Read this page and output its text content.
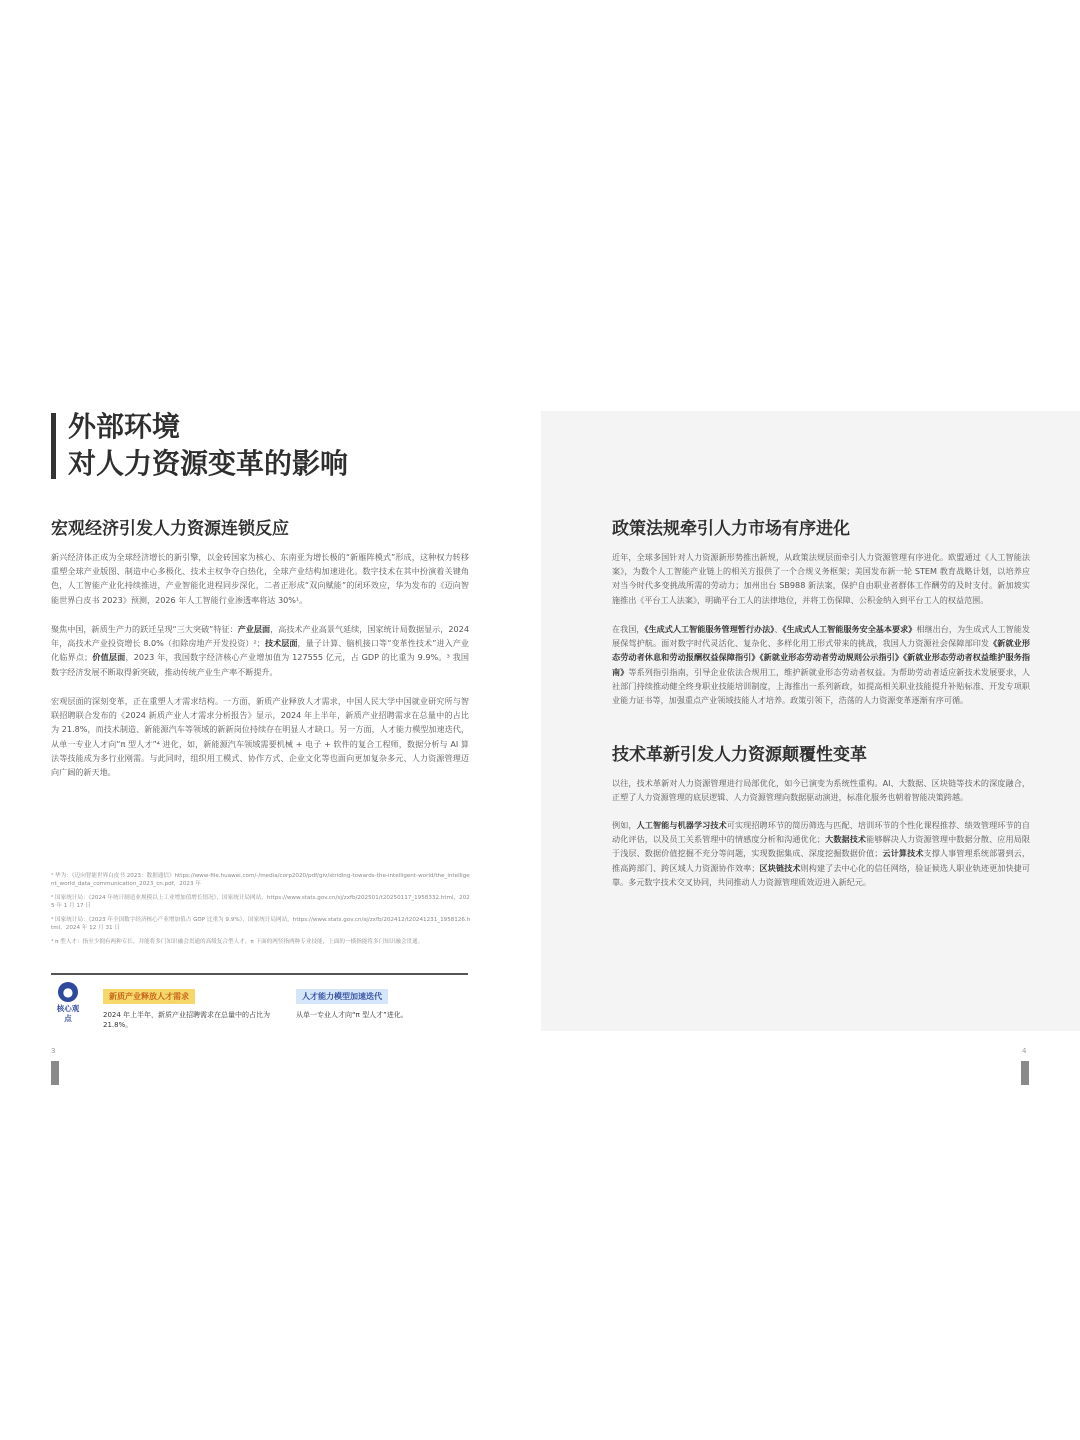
外部环境
对人力资源变革的影响
宏观经济引发人力资源连锁反应

新兴经济体正成为全球经济增长的新引擎，以金砖国家为核心、东南亚为增长极的“新雁阵模式”形成，这种权力转移重塑全球产业版图、制造中心多极化、技术主权争夺白热化，全球产业结构加速进化。数字技术在其中扮演着关键角色，人工智能产业化持续推进，产业智能化进程同步深化，二者正形成“双向赋能”的闭环效应，华为发布的《迈向智能世界白皮书 2023》预测，2026 年人工智能行业渗透率将达 30%¹。

聚焦中国，新质生产力的跃迁呈现“三大突破”特征：产业层面，高技术产业高景气延续，国家统计局数据显示，2024 年，高技术产业投资增长 8.0%（扣除房地产开发投资）²；技术层面，量子计算、脑机接口等“变革性技术”进入产业化临界点；价值层面，2023 年，我国数字经济核心产业增加值为 127555 亿元，占 GDP 的比重为 9.9%。³ 我国数字经济发展不断取得新突破，推动传统产业生产率不断提升。

宏观层面的深刻变革，正在重塑人才需求结构。一方面，新质产业释放人才需求，中国人民大学中国就业研究所与智联招聘联合发布的《2024 新质产业人才需求分析报告》显示，2024 年上半年，新质产业招聘需求在总量中的占比为 21.8%，而技术制造、新能源汽车等领域的新新岗位持续存在明显人才缺口。另一方面，人才能力模型加速迭代，从单一专业人才向“π 型人才”⁴ 进化，如，新能源汽车领域需要机械 + 电子 + 软件的复合工程师，数据分析与 AI 算法等技能成为多行业刚需。与此同时，组织用工模式、协作方式、企业文化等也面向更加复杂多元、人力资源管理迈向广阔的新天地。

¹ 华为：《迈向智能世界白皮书 2023：数据通信》https://www-file.huawei.com/-/media/corp2020/pdf/giv/striding-towards-the-intelligent-world/the_intelligent_world_data_communication_2023_cn.pdf，2023 年

² 国家统计局：《2024 年统计制造业规模以上工业增加值增长情况》，国家统计局网站，https://www.stats.gov.cn/sj/zxfb/202501/t20250117_1958332.html，2025 年 1 月 17 日

³ 国家统计局：《2023 年全国数字经济核心产业增加值占 GDP 比重为 9.9%》，国家统计局网站，https://www.stats.gov.cn/sj/zxfb/202412/t20241231_1958126.html，2024 年 12 月 31 日

⁴ π 型人才：指至少拥有两种专长，并能将多门知识融会贯通的高级复合型人才。π 下面的两竖指两种专业技能，上面的一横指能将多门知识融会贯通。

●
核心观点
新质产业释放人才需求
2024 年上半年，新质产业招聘需求在总量中的占比为 21.8%。
人才能力模型加速迭代
从单一专业人才向“π 型人才”进化。
3
政策法规牵引人力市场有序进化

近年，全球多国针对人力资源新形势推出新规，从政策法规层面牵引人力资源管理有序进化。欧盟通过《人工智能法案》，为数个人工智能产业链上的相关方报供了一个合规义务框架；美国发布新一轮 STEM 教育战略计划，以培养应对当今时代多变挑战所需的劳动力；加州出台 SB988 新法案，保护自由职业者群体工作酬劳的及时支付。新加坡实施推出《平台工人法案》，明确平台工人的法律地位，并将工伤保障、公积金纳入到平台工人的权益范围。

在我国，《生成式人工智能服务管理暂行办法》、《生成式人工智能服务安全基本要求》相继出台，为生成式人工智能发展保驾护航。面对数字时代灵活化、复杂化、多样化用工形式带来的挑战，我国人力资源社会保障部印发《新就业形态劳动者休息和劳动报酬权益保障指引》《新就业形态劳动者劳动规则公示指引》《新就业形态劳动者权益维护服务指南》等系列指引指南，引导企业依法合规用工，维护新就业形态劳动者权益。为帮助劳动者适应新技术发展要求，人社部门持续推动健全终身职业技能培训制度，上海推出一系列新政，如提高相关职业技能提升补贴标准、开发专项职业能力证书等，加强重点产业领域技能人才培养。政策引领下，浩荡的人力资源变革逐渐有序可循。

技术革新引发人力资源颠覆性变革

以往，技术革新对人力资源管理进行局部优化，如今已演变为系统性重构。AI、大数据、区块链等技术的深度融合，正塑了人力资源管理的底层逻辑、人力资源管理向数据驱动演进，标准化服务也朝着智能决策跨越。

例如，人工智能与机器学习技术可实现招聘环节的简历筛选与匹配、培训环节的个性化课程推荐、绩效管理环节的自动化评估，以及员工关系管理中的情感度分析和沟通优化；大数据技术能够解决人力资源管理中数据分散、应用局限于浅层、数据价值挖掘不充分等问题，实现数据集成、深度挖掘数据价值；云计算技术支撑人事管理系统部署到云，推高跨部门、跨区域人力资源协作效率；区块链技术则构建了去中心化的信任网络，验证候选人职业轨迹更加快捷可靠。多元数字技术交叉协同，共同推动人力资源管理质效迈进入新纪元。

4
